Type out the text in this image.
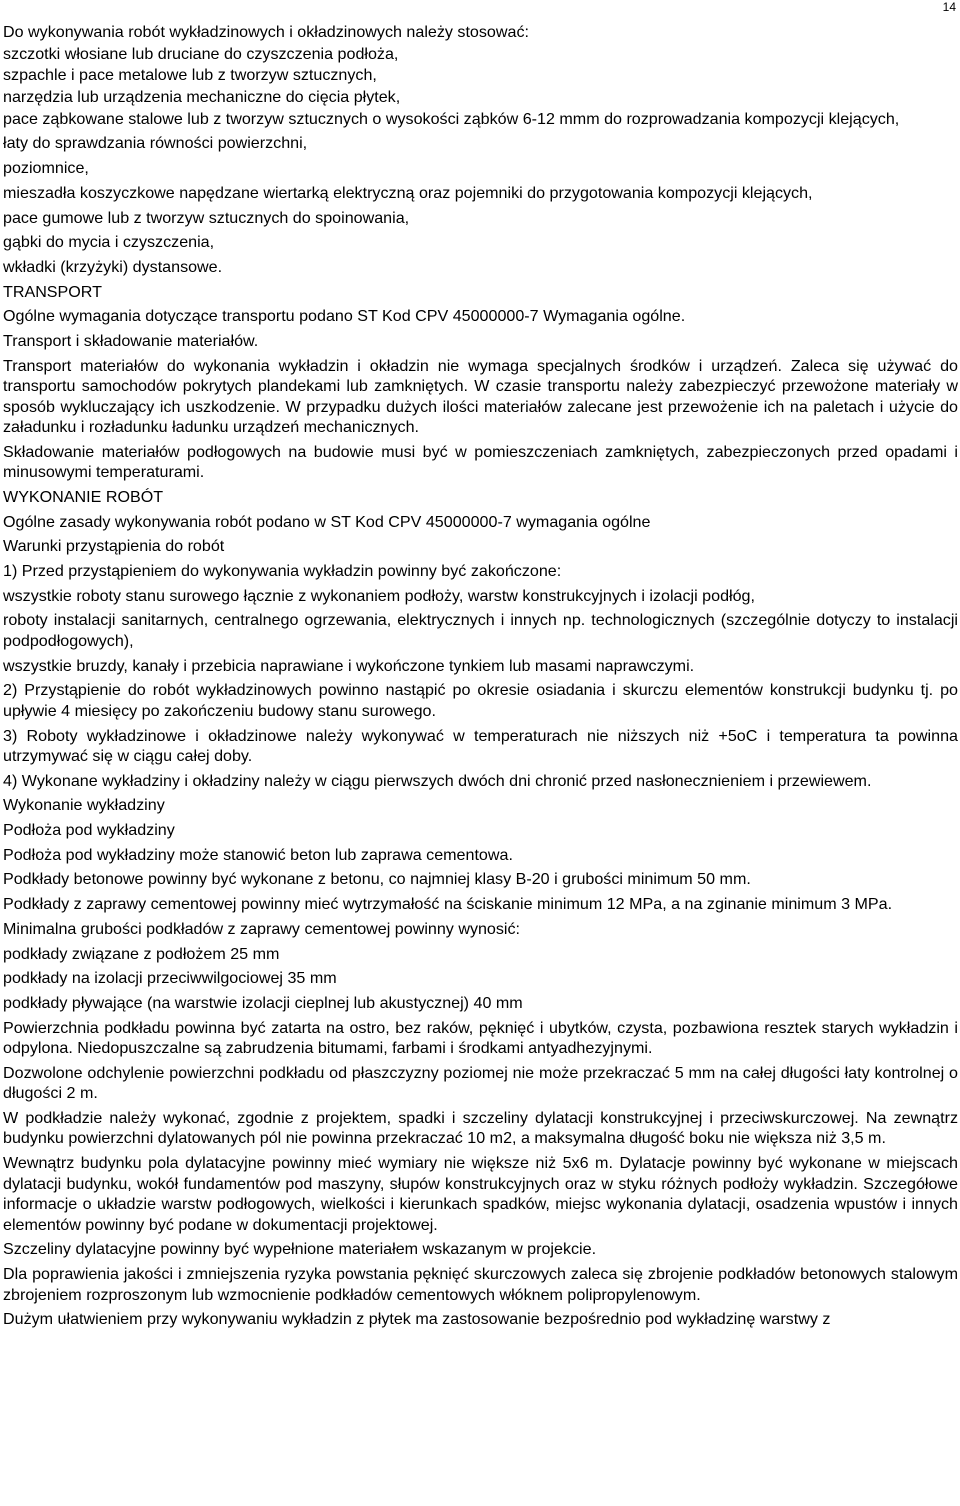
14

Do wykonywania robót wykładzinowych i okładzinowych należy stosować:

szczotki włosiane lub druciane do czyszczenia podłoża,

szpachle i pace metalowe lub z tworzyw sztucznych,

narzędzia lub urządzenia mechaniczne do cięcia płytek,

pace ząbkowane stalowe lub z tworzyw sztucznych o wysokości ząbków 6-12 mmm do rozprowadzania kompozycji klejących,

łaty do sprawdzania równości powierzchni,

poziomnice,

mieszadła koszyczkowe napędzane wiertarką elektryczną oraz pojemniki do przygotowania kompozycji klejących,

pace gumowe lub z tworzyw sztucznych do spoinowania,

gąbki do mycia i czyszczenia,

wkładki (krzyżyki) dystansowe.

TRANSPORT

Ogólne wymagania dotyczące transportu podano ST Kod CPV 45000000-7 Wymagania ogólne.

Transport i składowanie materiałów.

Transport materiałów do wykonania wykładzin i okładzin nie wymaga specjalnych środków i urządzeń. Zaleca się używać do transportu samochodów pokrytych plandekami lub zamkniętych. W czasie transportu należy zabezpieczyć przewożone materiały w sposób wykluczający ich uszkodzenie. W przypadku dużych ilości materiałów zalecane jest przewożenie ich na paletach i użycie do załadunku i rozładunku ładunku urządzeń mechanicznych.

Składowanie materiałów podłogowych na budowie musi być w pomieszczeniach zamkniętych, zabezpieczonych przed opadami i minusowymi temperaturami.

WYKONANIE ROBÓT

Ogólne zasady wykonywania robót podano w ST Kod CPV 45000000-7 wymagania ogólne

Warunki przystąpienia do robót

1) Przed przystąpieniem do wykonywania wykładzin powinny być zakończone:

wszystkie roboty stanu surowego łącznie z wykonaniem podłoży, warstw konstrukcyjnych i izolacji podłóg,

roboty instalacji sanitarnych, centralnego ogrzewania, elektrycznych i innych np. technologicznych (szczególnie dotyczy to instalacji podpodłogowych),

wszystkie bruzdy, kanały i przebicia naprawiane i wykończone tynkiem lub masami naprawczymi.

2) Przystąpienie do robót wykładzinowych powinno nastąpić po okresie osiadania i skurczu elementów konstrukcji budynku tj. po upływie 4 miesięcy po zakończeniu budowy stanu surowego.

3) Roboty wykładzinowe i okładzinowe należy wykonywać w temperaturach nie niższych niż +5oC i temperatura ta powinna utrzymywać się w ciągu całej doby.

4) Wykonane wykładziny i okładziny należy w ciągu pierwszych dwóch dni chronić przed nasłonecznieniem i przewiewem.

Wykonanie wykładziny

Podłoża pod wykładziny

Podłoża pod wykładziny może stanowić beton lub zaprawa cementowa.

Podkłady betonowe powinny być wykonane z betonu, co najmniej klasy B-20 i grubości minimum 50 mm.

Podkłady z zaprawy cementowej powinny mieć wytrzymałość na ściskanie minimum 12 MPa, a na zginanie minimum 3 MPa.

Minimalna grubości podkładów z zaprawy cementowej powinny wynosić:

podkłady związane z podłożem 25 mm

podkłady na izolacji przeciwwilgociowej 35 mm

podkłady pływające (na warstwie izolacji cieplnej lub akustycznej) 40 mm

Powierzchnia podkładu powinna być zatarta na ostro, bez raków, pęknięć i ubytków, czysta, pozbawiona resztek starych wykładzin i odpylona. Niedopuszczalne są zabrudzenia bitumami, farbami i środkami antyadhezyjnymi.

Dozwolone odchylenie powierzchni podkładu od płaszczyzny poziomej nie może przekraczać 5 mm na całej długości łaty kontrolnej o długości 2 m.

W podkładzie należy wykonać, zgodnie z projektem, spadki i szczeliny dylatacji konstrukcyjnej i przeciwskurczowej. Na zewnątrz budynku powierzchni dylatowanych pól nie powinna przekraczać 10 m2, a maksymalna długość boku nie większa niż 3,5 m.

Wewnątrz budynku pola dylatacyjne powinny mieć wymiary nie większe niż 5x6 m. Dylatacje powinny być wykonane w miejscach dylatacji budynku, wokół fundamentów pod maszyny, słupów konstrukcyjnych oraz w styku różnych podłoży wykładzin. Szczegółowe informacje o układzie warstw podłogowych, wielkości i kierunkach spadków, miejsc wykonania dylatacji, osadzenia wpustów i innych elementów powinny być podane w dokumentacji projektowej.

Szczeliny dylatacyjne powinny być wypełnione materiałem wskazanym w projekcie.

Dla poprawienia jakości i zmniejszenia ryzyka powstania pęknięć skurczowych zaleca się zbrojenie podkładów betonowych stalowym zbrojeniem rozproszonym lub wzmocnienie podkładów cementowych włóknem polipropylenowym.

Dużym ułatwieniem przy wykonywaniu wykładzin z płytek ma zastosowanie bezpośrednio pod wykładzinę warstwy z
